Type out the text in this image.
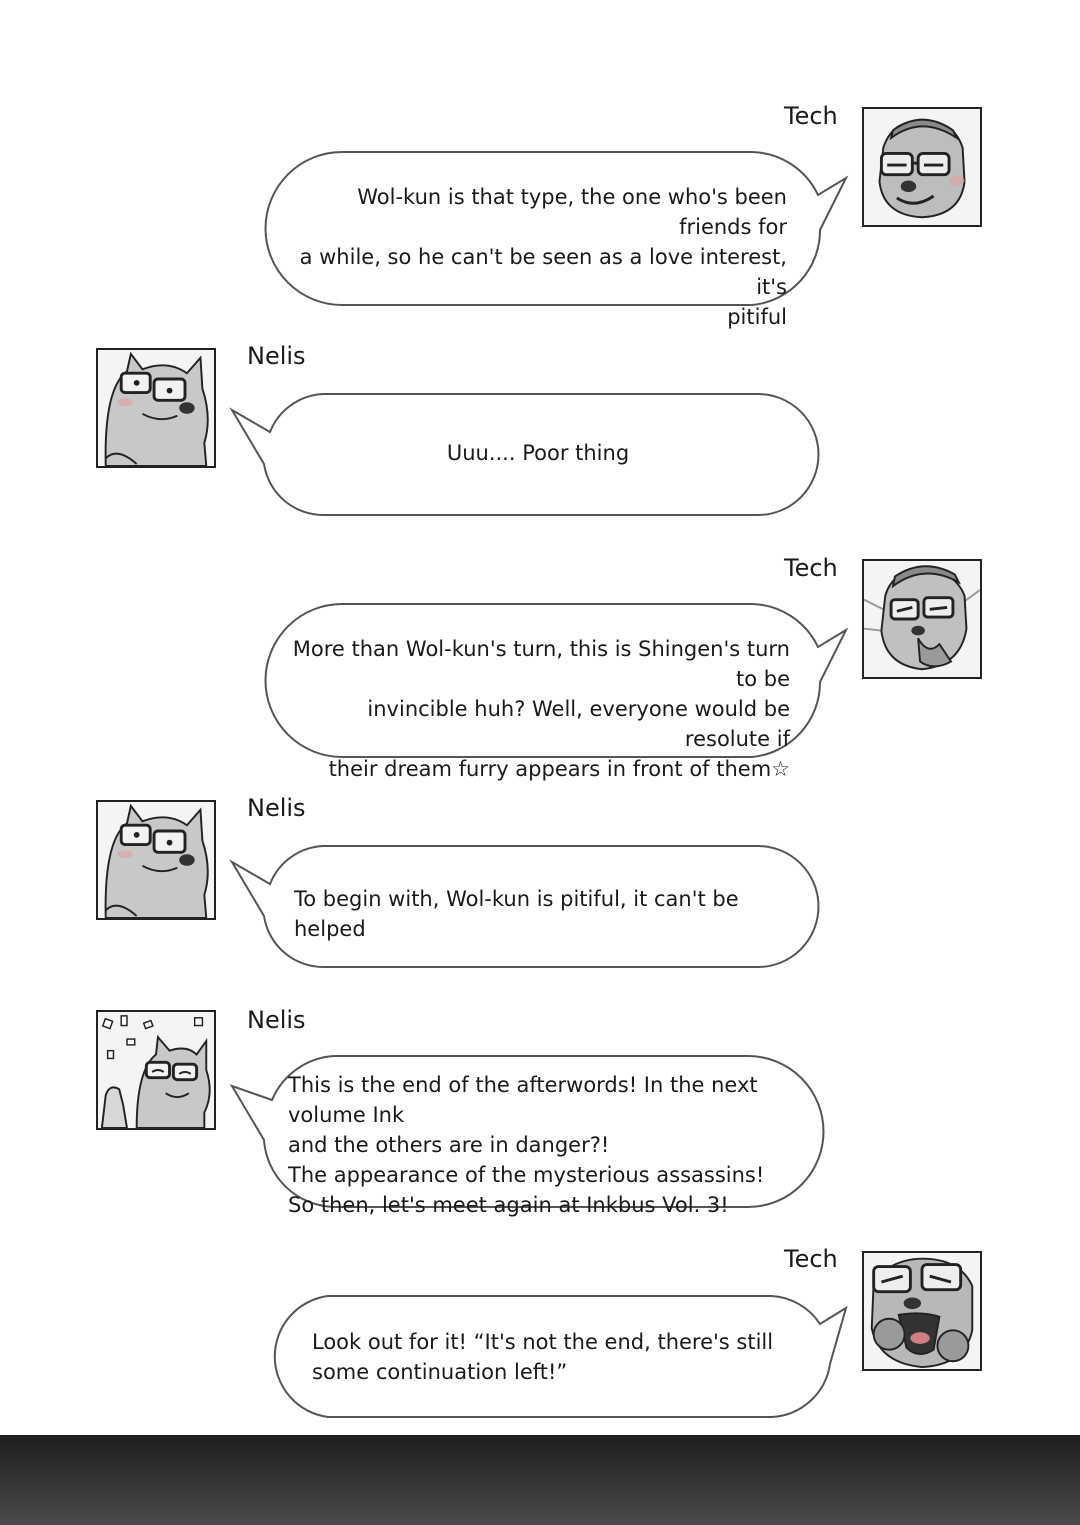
Tech
Wol-kun is that type, the one who's been friends for
a while, so he can't be seen as a love interest, it's
pitiful
Nelis
Uuu.... Poor thing
Tech
More than Wol-kun's turn, this is Shingen's turn to be
invincible huh? Well, everyone would be resolute if
their dream furry appears in front of them☆
Nelis
To begin with, Wol-kun is pitiful, it can't be helped
Nelis
This is the end of the afterwords! In the next volume Ink
and the others are in danger?!
The appearance of the mysterious assassins!
So then, let's meet again at Inkbus Vol. 3!
Tech
Look out for it! “It's not the end, there's still
some continuation left!”
